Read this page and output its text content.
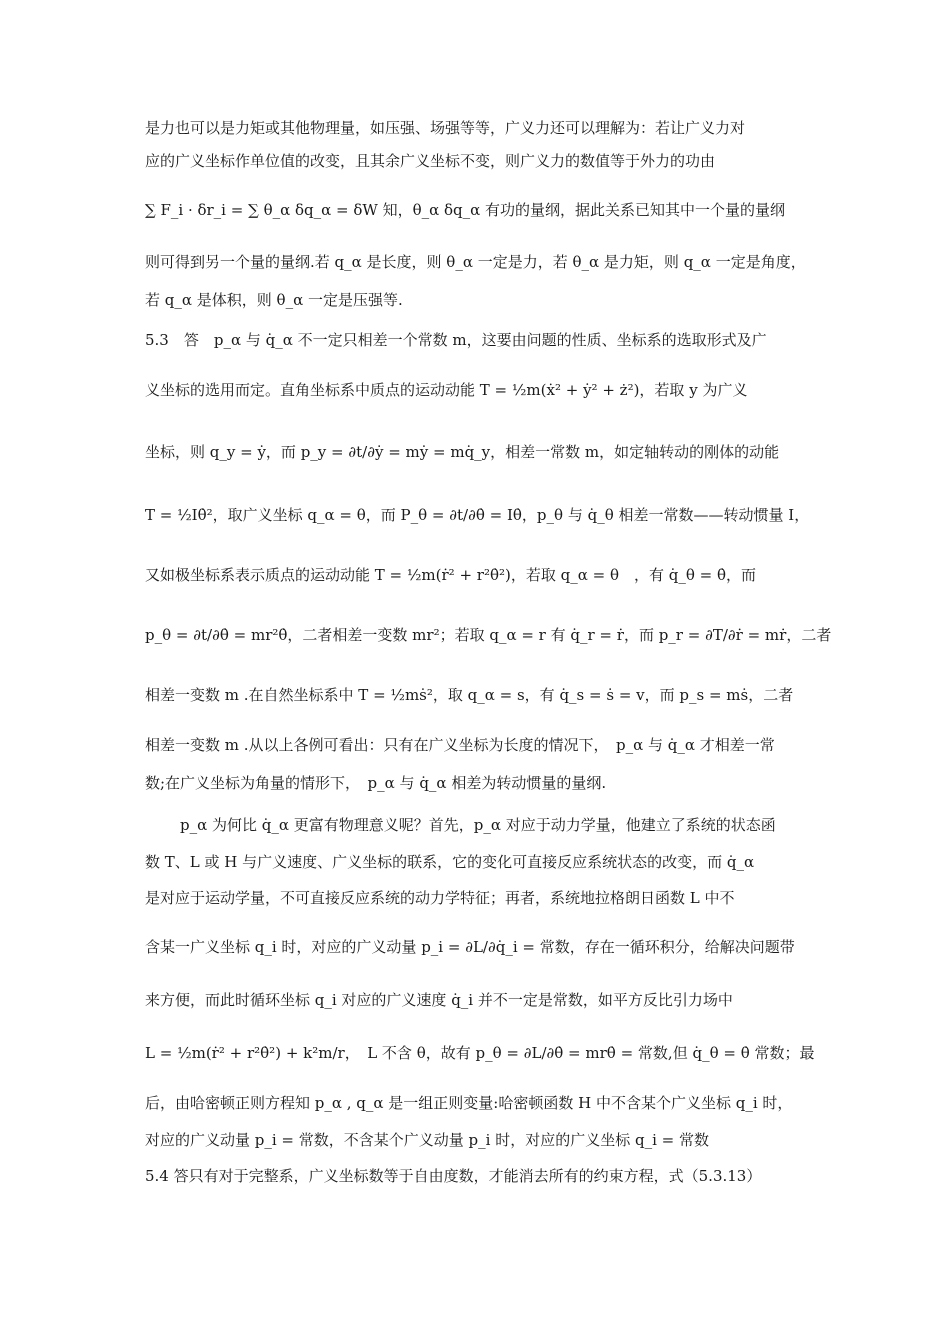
是力也可以是力矩或其他物理量，如压强、场强等等，广义力还可以理解为：若让广义力对
应的广义坐标作单位值的改变，且其余广义坐标不变，则广义力的数值等于外力的功由
∑ F_i · δr_i = ∑ θ_α δq_α = δW 知，θ_α δq_α 有功的量纲，据此关系已知其中一个量的量纲
则可得到另一个量的量纲.若 q_α 是长度，则 θ_α 一定是力，若 θ_α 是力矩，则 q_α 一定是角度，
若 q_α 是体积，则 θ_α 一定是压强等.
5.3　答　p_α 与 q̇_α 不一定只相差一个常数 m，这要由问题的性质、坐标系的选取形式及广
义坐标的选用而定。直角坐标系中质点的运动动能 T = ½m(ẋ² + ẏ² + ż²)，若取 y 为广义
坐标，则 q_y = ẏ，而 p_y = ∂t/∂ẏ = mẏ = mq̇_y，相差一常数 m，如定轴转动的刚体的动能
T = ½Iθ̇²，取广义坐标 q_α = θ，而 P_θ = ∂t/∂θ̇ = Iθ̇，p_θ 与 q̇_θ 相差一常数——转动惯量 I，
又如极坐标系表示质点的运动动能 T = ½m(ṙ² + r²θ̇²)，若取 q_α = θ　，有 q̇_θ = θ̇，而
p_θ = ∂t/∂θ̇ = mr²θ̇，二者相差一变数 mr²；若取 q_α = r 有 q̇_r = ṙ，而 p_r = ∂T/∂ṙ = mṙ，二者
相差一变数 m .在自然坐标系中 T = ½mṡ²，取 q_α = s，有 q̇_s = ṡ = v，而 p_s = mṡ，二者
相差一变数 m .从以上各例可看出：只有在广义坐标为长度的情况下，　p_α 与 q̇_α 才相差一常
数;在广义坐标为角量的情形下，　p_α 与 q̇_α 相差为转动惯量的量纲.
p_α 为何比 q̇_α 更富有物理意义呢？首先，p_α 对应于动力学量，他建立了系统的状态函
数 T、L 或 H 与广义速度、广义坐标的联系，它的变化可直接反应系统状态的改变，而 q̇_α
是对应于运动学量，不可直接反应系统的动力学特征；再者，系统地拉格朗日函数 L 中不
含某一广义坐标 q_i 时，对应的广义动量 p_i = ∂L/∂q̇_i = 常数，存在一循环积分，给解决问题带
来方便，而此时循环坐标 q_i 对应的广义速度 q̇_i 并不一定是常数，如平方反比引力场中
L = ½m(ṙ² + r²θ̇²) + k²m/r，　L 不含 θ，故有 p_θ = ∂L/∂θ̇ = mrθ̇ = 常数,但 q̇_θ = θ̇ 常数；最
后，由哈密顿正则方程知 p_α , q_α 是一组正则变量:哈密顿函数 H 中不含某个广义坐标 q_i 时，
对应的广义动量 p_i = 常数，不含某个广义动量 p_i 时，对应的广义坐标 q_i = 常数
5.4 答只有对于完整系，广义坐标数等于自由度数，才能消去所有的约束方程，式（5.3.13）
